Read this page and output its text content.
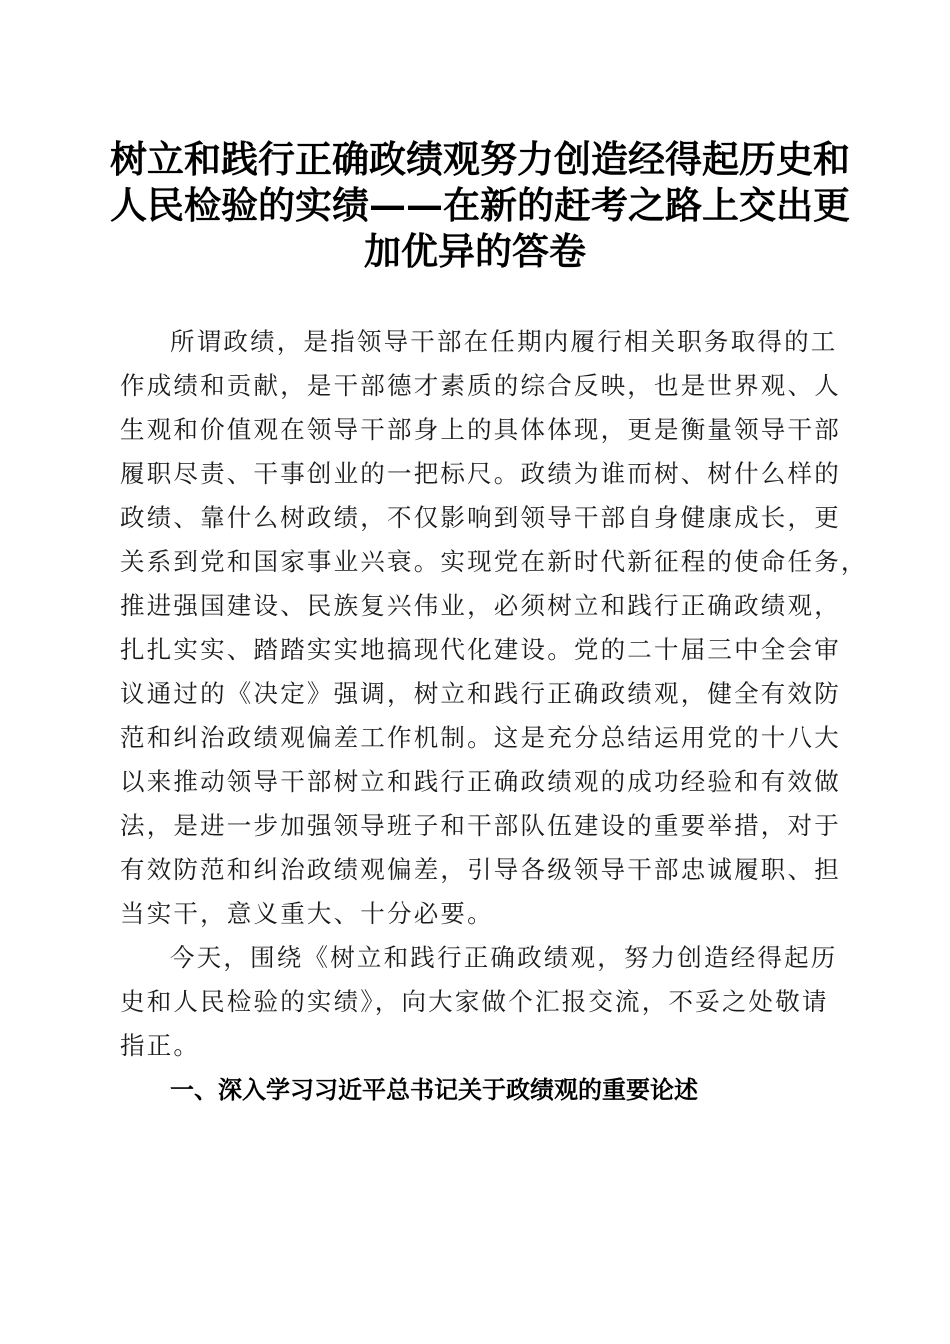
树立和践行正确政绩观努力创造经得起历史和
人民检验的实绩——在新的赶考之路上交出更
加优异的答卷

所谓政绩，是指领导干部在任期内履行相关职务取得的工
作成绩和贡献，是干部德才素质的综合反映，也是世界观、人
生观和价值观在领导干部身上的具体体现，更是衡量领导干部
履职尽责、干事创业的一把标尺。政绩为谁而树、树什么样的
政绩、靠什么树政绩，不仅影响到领导干部自身健康成长，更
关系到党和国家事业兴衰。实现党在新时代新征程的使命任务，
推进强国建设、民族复兴伟业，必须树立和践行正确政绩观，
扎扎实实、踏踏实实地搞现代化建设。党的二十届三中全会审
议通过的《决定》强调，树立和践行正确政绩观，健全有效防
范和纠治政绩观偏差工作机制。这是充分总结运用党的十八大
以来推动领导干部树立和践行正确政绩观的成功经验和有效做
法，是进一步加强领导班子和干部队伍建设的重要举措，对于
有效防范和纠治政绩观偏差，引导各级领导干部忠诚履职、担
当实干，意义重大、十分必要。

今天，围绕《树立和践行正确政绩观，努力创造经得起历
史和人民检验的实绩》，向大家做个汇报交流，不妥之处敬请
指正。

一、深入学习习近平总书记关于政绩观的重要论述
